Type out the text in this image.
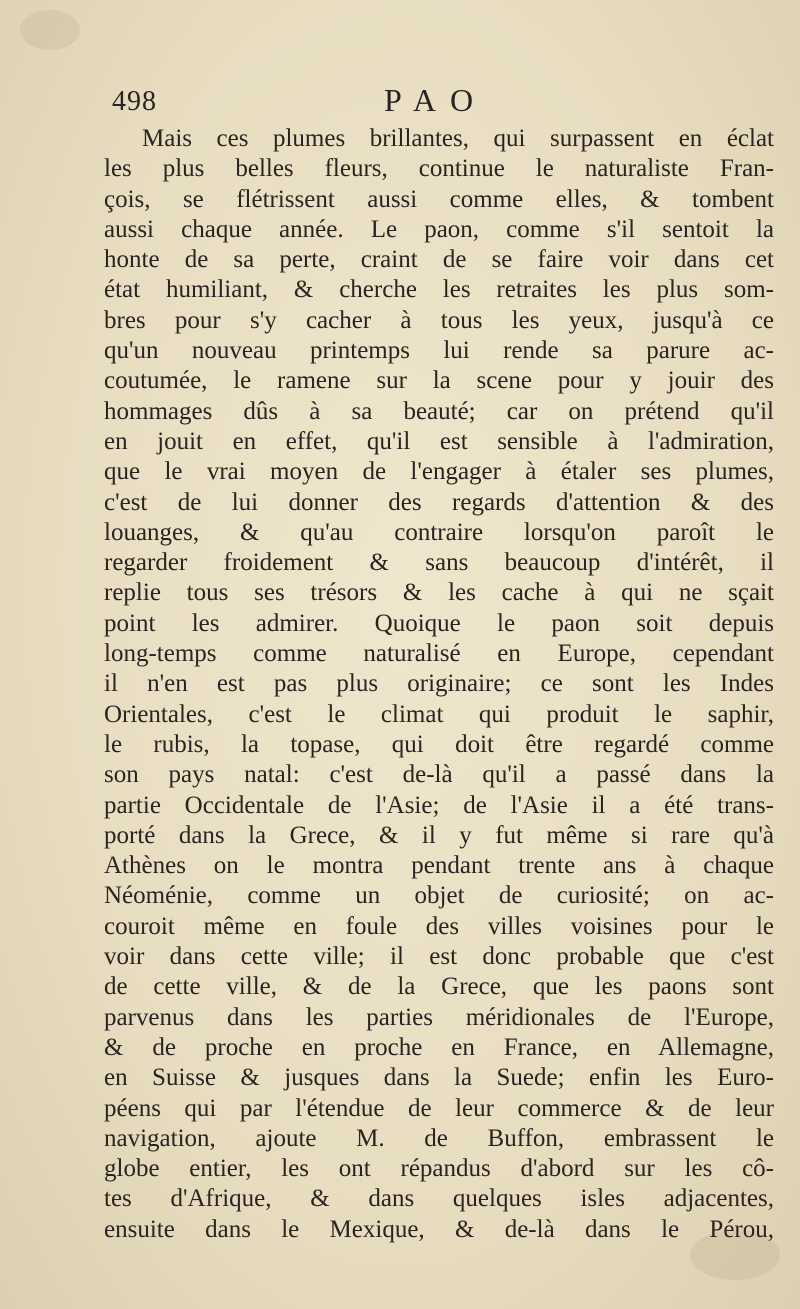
498	PAO
Mais ces plumes brillantes, qui surpassent en éclat
les plus belles fleurs, continue le naturaliste Fran-
çois, se flétrissent aussi comme elles, & tombent
aussi chaque année. Le paon, comme s'il sentoit la
honte de sa perte, craint de se faire voir dans cet
état humiliant, & cherche les retraites les plus som-
bres pour s'y cacher à tous les yeux, jusqu'à ce
qu'un nouveau printemps lui rende sa parure ac-
coutumée, le ramene sur la scene pour y jouir des
hommages dûs à sa beauté; car on prétend qu'il
en jouit en effet, qu'il est sensible à l'admiration,
que le vrai moyen de l'engager à étaler ses plumes,
c'est de lui donner des regards d'attention & des
louanges, & qu'au contraire lorsqu'on paroît le
regarder froidement & sans beaucoup d'intérêt, il
replie tous ses trésors & les cache à qui ne sçait
point les admirer. Quoique le paon soit depuis
long-temps comme naturalisé en Europe, cependant
il n'en est pas plus originaire; ce sont les Indes
Orientales, c'est le climat qui produit le saphir,
le rubis, la topase, qui doit être regardé comme
son pays natal: c'est de-là qu'il a passé dans la
partie Occidentale de l'Asie; de l'Asie il a été trans-
porté dans la Grece, & il y fut même si rare qu'à
Athènes on le montra pendant trente ans à chaque
Néoménie, comme un objet de curiosité; on ac-
couroit même en foule des villes voisines pour le
voir dans cette ville; il est donc probable que c'est
de cette ville, & de la Grece, que les paons sont
parvenus dans les parties méridionales de l'Europe,
& de proche en proche en France, en Allemagne,
en Suisse & jusques dans la Suede; enfin les Euro-
péens qui par l'étendue de leur commerce & de leur
navigation, ajoute M. de Buffon, embrassent le
globe entier, les ont répandus d'abord sur les cô-
tes d'Afrique, & dans quelques isles adjacentes,
ensuite dans le Mexique, & de-là dans le Pérou,
